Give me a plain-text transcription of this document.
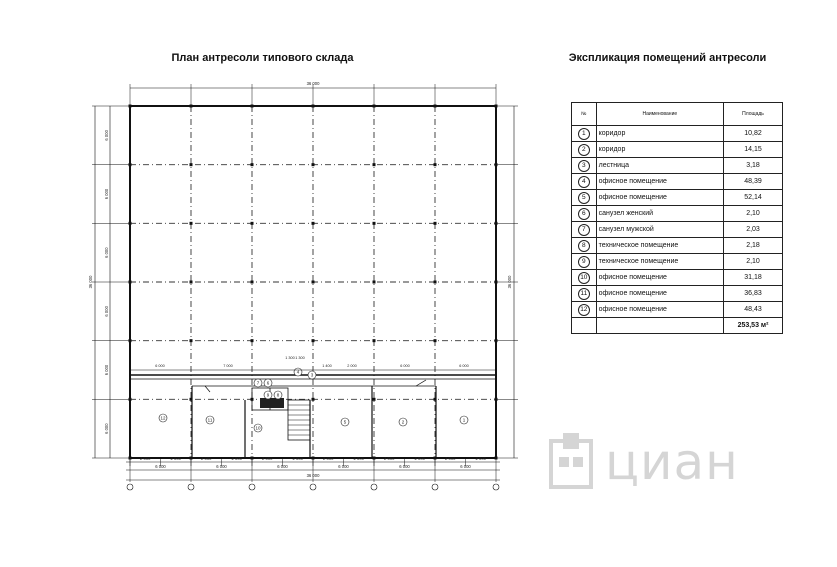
План антресоли типового склада	Экспликация помещений антресоли
12	11
10
9 8
7 6
5
4
3
2	1
36 000
2 000	2 000	2 000	2 000	2 000	2 000	2 000	2 000	2 000	2 000	2 000	2 000
6 000	6 000	6 000	6 000	6 000	6 000
36 000
6 000	7 000
1 300 1 300
1 400	2 000	6 000	6 000
36 000
6 000
6 000
6 000
6 000
6 000
6 000
36 000
№	Наименование	Площадь
1	коридор	10,82
2	коридор	14,15
3	лестница	3,18
4	офисное помещение	48,39
5	офисное помещение	52,14
6	санузел женский	2,10
7	санузел мужской	2,03
8	техническое помещение	2,18
9	техническое помещение	2,10
10	офисное помещение	31,18
11	офисное помещение	36,83
12	офисное помещение	48,43
		253,53 м²
циан
